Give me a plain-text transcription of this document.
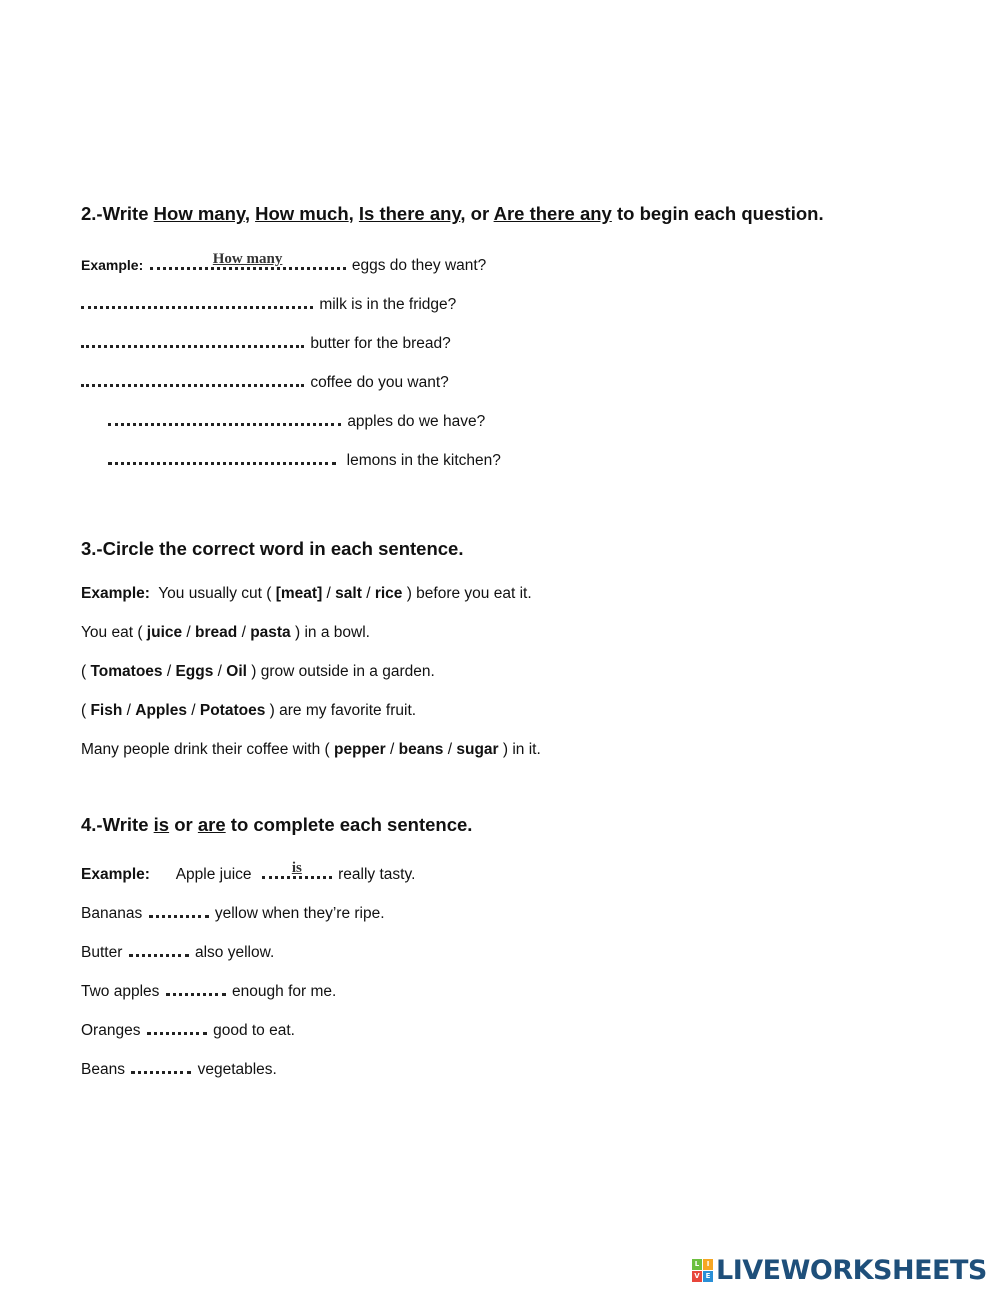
2.-Write How many, How much, Is there any, or Are there any to begin each question.
Example:	How many	eggs do they want?
milk is in the fridge?
butter for the bread?
coffee do you want?
apples do we have?
lemons in the kitchen?
3.-Circle the correct word in each sentence.
Example: You usually cut ( [meat] / salt / rice ) before you eat it.
You eat ( juice / bread / pasta ) in a bowl.
( Tomatoes / Eggs / Oil ) grow outside in a garden.
( Fish / Apples / Potatoes ) are my favorite fruit.
Many people drink their coffee with ( pepper / beans / sugar ) in it.
4.-Write is or are to complete each sentence.
Example: Apple juice	is	really tasty.
Bananas	yellow when they’re ripe.
Butter	also yellow.
Two apples	enough for me.
Oranges	good to eat.
Beans	vegetables.
L	I
V E LIVEWORKSHEETS
